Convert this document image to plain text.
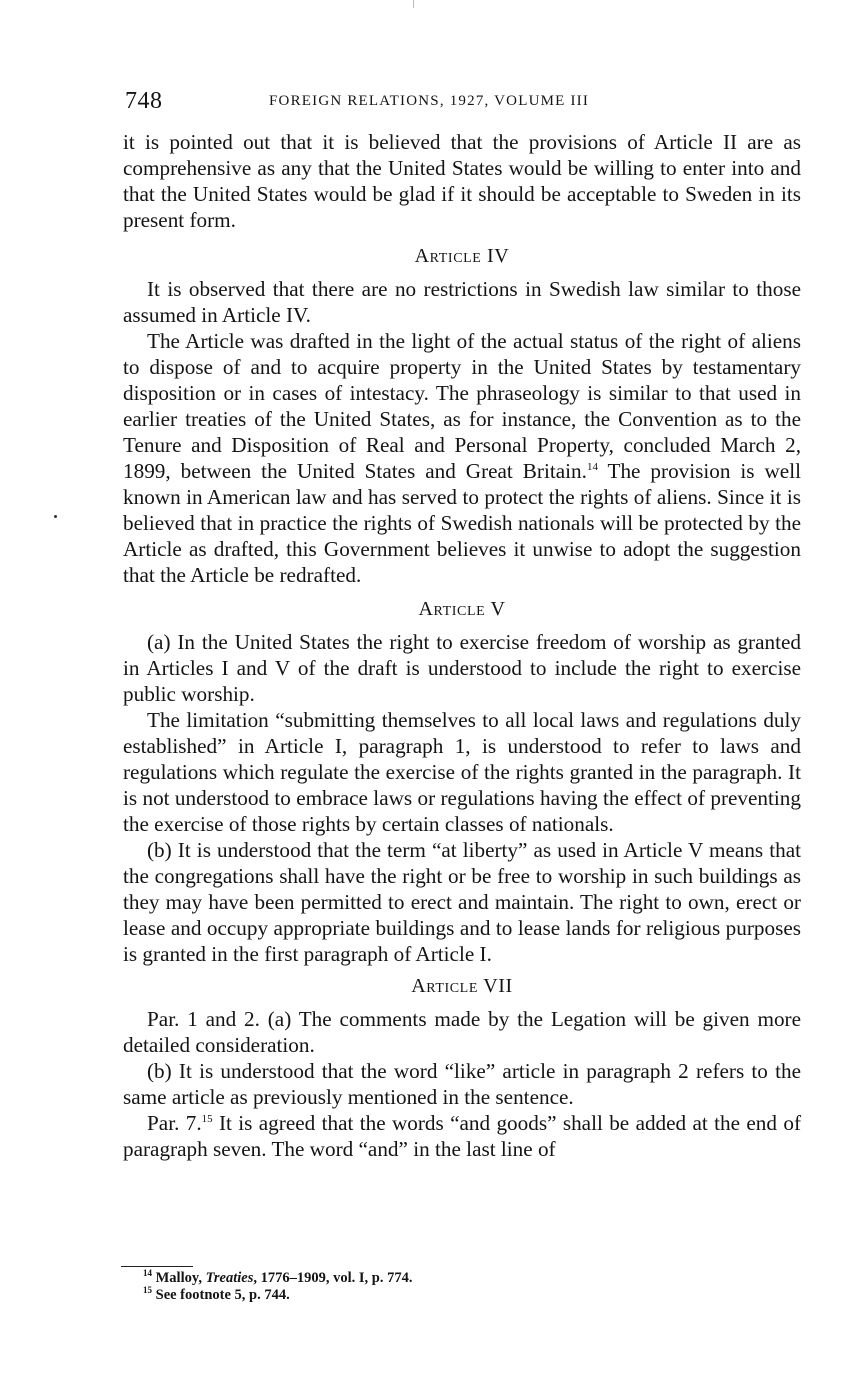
748	FOREIGN RELATIONS, 1927, VOLUME III

it is pointed out that it is believed that the provisions of Article II are as comprehensive as any that the United States would be willing to enter into and that the United States would be glad if it should be acceptable to Sweden in its present form.

Article IV

It is observed that there are no restrictions in Swedish law similar to those assumed in Article IV.

The Article was drafted in the light of the actual status of the right of aliens to dispose of and to acquire property in the United States by testamentary disposition or in cases of intestacy. The phraseology is similar to that used in earlier treaties of the United States, as for instance, the Convention as to the Tenure and Disposition of Real and Personal Property, concluded March 2, 1899, between the United States and Great Britain.$^{14}$ The provision is well known in American law and has served to protect the rights of aliens. Since it is believed that in practice the rights of Swedish nationals will be protected by the Article as drafted, this Government believes it unwise to adopt the suggestion that the Article be redrafted.

Article V

(a) In the United States the right to exercise freedom of worship as granted in Articles I and V of the draft is understood to include the right to exercise public worship.

The limitation “submitting themselves to all local laws and regulations duly established” in Article I, paragraph 1, is understood to refer to laws and regulations which regulate the exercise of the rights granted in the paragraph. It is not understood to embrace laws or regulations having the effect of preventing the exercise of those rights by certain classes of nationals.

(b) It is understood that the term “at liberty” as used in Article V means that the congregations shall have the right or be free to worship in such buildings as they may have been permitted to erect and maintain. The right to own, erect or lease and occupy appropriate buildings and to lease lands for religious purposes is granted in the first paragraph of Article I.

Article VII

Par. 1 and 2. (a) The comments made by the Legation will be given more detailed consideration.

(b) It is understood that the word “like” article in paragraph 2 refers to the same article as previously mentioned in the sentence.

Par. 7.15 It is agreed that the words “and goods” shall be added at the end of paragraph seven. The word “and” in the last line of

$^{14}$ Malloy, Treaties, 1776–1909, vol. I, p. 774.
$^{15}$ See footnote 5, p. 744.
